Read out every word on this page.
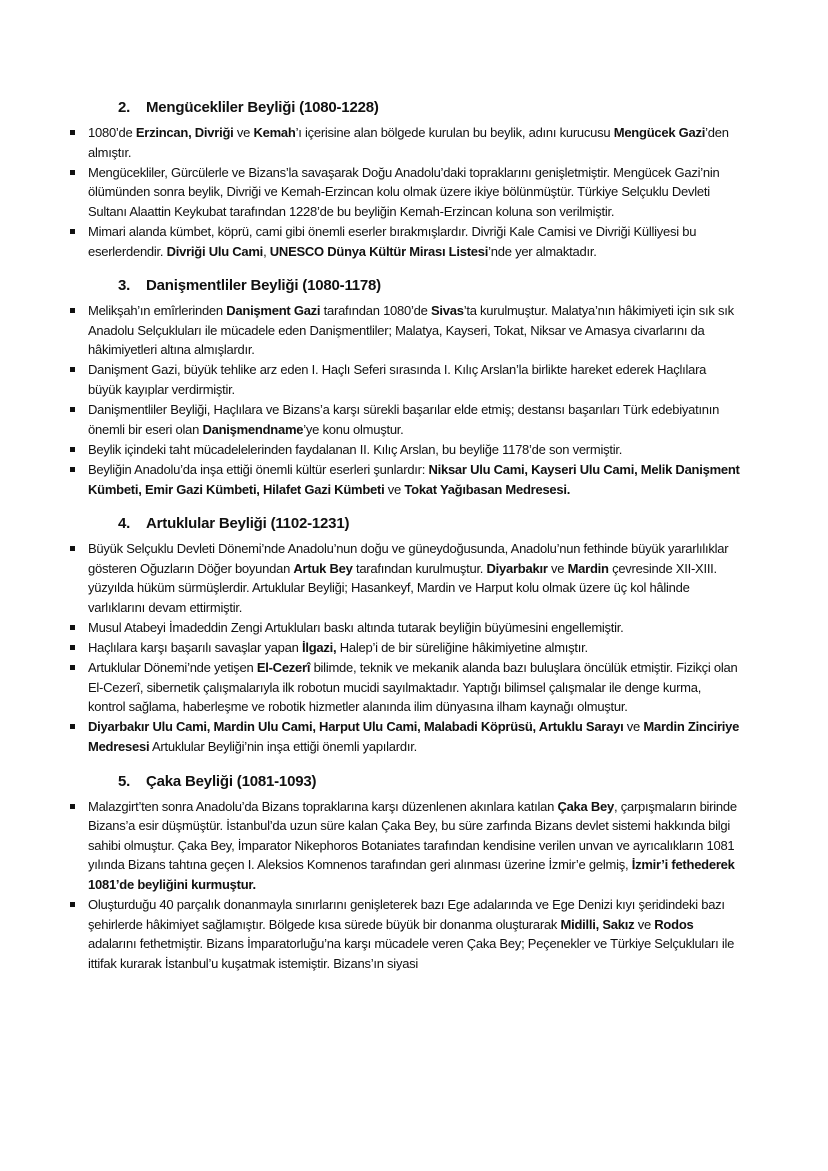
2. Mengücekliler Beyliği (1080-1228)
1080’de Erzincan, Divriği ve Kemah’ı içerisine alan bölgede kurulan bu beylik, adını kurucusu Mengücek Gazi’den almıştır.
Mengücekliler, Gürcülerle ve Bizans’la savaşarak Doğu Anadolu’daki topraklarını genişletmiştir. Mengücek Gazi’nin ölümünden sonra beylik, Divriği ve Kemah-Erzincan kolu olmak üzere ikiye bölünmüştür. Türkiye Selçuklu Devleti Sultanı Alaattin Keykubat tarafından 1228’de bu beyliğin Kemah-Erzincan koluna son verilmiştir.
Mimari alanda kümbet, köprü, cami gibi önemli eserler bırakmışlardır. Divriği Kale Camisi ve Divriği Külliyesi bu eserlerdendir. Divriği Ulu Cami, UNESCO Dünya Kültür Mirası Listesi’nde yer almaktadır.
3. Danişmentliler Beyliği (1080-1178)
Melikşah’ın emîrlerinden Danişment Gazi tarafından 1080’de Sivas’ta kurulmuştur. Malatya’nın hâkimiyeti için sık sık Anadolu Selçukluları ile mücadele eden Danişmentliler; Malatya, Kayseri, Tokat, Niksar ve Amasya civarlarını da hâkimiyetleri altına almışlardır.
Danişment Gazi, büyük tehlike arz eden I. Haçlı Seferi sırasında I. Kılıç Arslan’la birlikte hareket ederek Haçlılara büyük kayıplar verdirmiştir.
Danişmentliler Beyliği, Haçlılara ve Bizans’a karşı sürekli başarılar elde etmiş; destansı başarıları Türk edebiyatının önemli bir eseri olan Danişmendname’ye konu olmuştur.
Beylik içindeki taht mücadelelerinden faydalanan II. Kılıç Arslan, bu beyliğe 1178’de son vermiştir.
Beyliğin Anadolu’da inşa ettiği önemli kültür eserleri şunlardır: Niksar Ulu Cami, Kayseri Ulu Cami, Melik Danişment Kümbeti, Emir Gazi Kümbeti, Hilafet Gazi Kümbeti ve Tokat Yağıbasan Medresesi.
4. Artuklular Beyliği (1102-1231)
Büyük Selçuklu Devleti Dönemi’nde Anadolu’nun doğu ve güneydoğusunda, Anadolu’nun fethinde büyük yararlılıklar gösteren Oğuzların Döğer boyundan Artuk Bey tarafından kurulmuştur. Diyarbakır ve Mardin çevresinde XII-XIII. yüzyılda hüküm sürmüşlerdir. Artuklular Beyliği; Hasankeyf, Mardin ve Harput kolu olmak üzere üç kol hâlinde varlıklarını devam ettirmiştir.
Musul Atabeyi İmadeddin Zengi Artukluları baskı altında tutarak beyliğin büyümesini engellemiştir.
Haçlılara karşı başarılı savaşlar yapan İlgazi, Halep’i de bir süreliğine hâkimiyetine almıştır.
Artuklular Dönemi’nde yetişen El-Cezerî bilimde, teknik ve mekanik alanda bazı buluşlara öncülük etmiştir. Fizikçi olan El-Cezerî, sibernetik çalışmalarıyla ilk robotun mucidi sayılmaktadır. Yaptığı bilimsel çalışmalar ile denge kurma, kontrol sağlama, haberleşme ve robotik hizmetler alanında ilim dünyasına ilham kaynağı olmuştur.
Diyarbakır Ulu Cami, Mardin Ulu Cami, Harput Ulu Cami, Malabadi Köprüsü, Artuklu Sarayı ve Mardin Zinciriye Medresesi Artuklular Beyliği’nin inşa ettiği önemli yapılardır.
5. Çaka Beyliği (1081-1093)
Malazgirt’ten sonra Anadolu’da Bizans topraklarına karşı düzenlenen akınlara katılan Çaka Bey, çarpışmaların birinde Bizans’a esir düşmüştür. İstanbul’da uzun süre kalan Çaka Bey, bu süre zarfında Bizans devlet sistemi hakkında bilgi sahibi olmuştur. Çaka Bey, İmparator Nikephoros Botaniates tarafından kendisine verilen unvan ve ayrıcalıkların 1081 yılında Bizans tahtına geçen I. Aleksios Komnenos tarafından geri alınması üzerine İzmir’e gelmiş, İzmir’i fethederek 1081’de beyliğini kurmuştur.
Oluşturduğu 40 parçalık donanmayla sınırlarını genişleterek bazı Ege adalarında ve Ege Denizi kıyı şeridindeki bazı şehirlerde hâkimiyet sağlamıştır. Bölgede kısa sürede büyük bir donanma oluşturarak Midilli, Sakız ve Rodos adalarını fethetmiştir. Bizans İmparatorluğu’na karşı mücadele veren Çaka Bey; Peçenekler ve Türkiye Selçukluları ile ittifak kurarak İstanbul’u kuşatmak istemiştir. Bizans’ın siyasi
